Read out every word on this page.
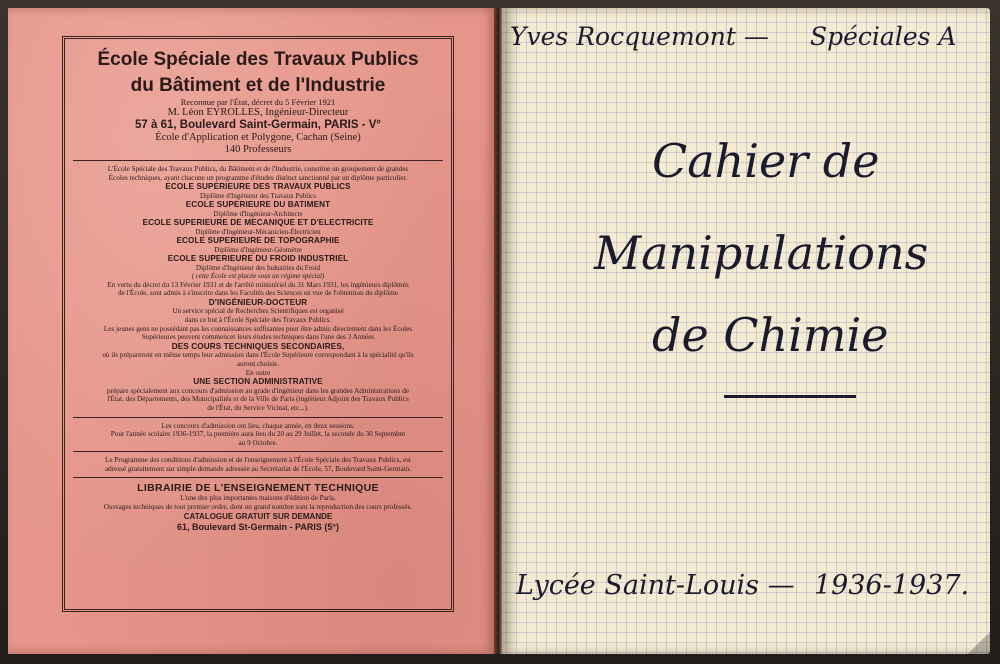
École Spéciale des Travaux Publics
du Bâtiment et de l'Industrie
Reconnue par l'État, décret du 5 Février 1921
M. Léon EYROLLES, Ingénieur-Directeur
57 à 61, Boulevard Saint-Germain, PARIS - V°
École d'Application et Polygone, Cachan (Seine)
140 Professeurs
L'École Spéciale des Travaux Publics, du Bâtiment et de l'Industrie, constitue un groupement de grandes
Écoles techniques, ayant chacune un programme d'études distinct sanctionné par un diplôme particulier.
ECOLE SUPERIEURE DES TRAVAUX PUBLICS
Diplôme d'Ingénieur des Travaux Publics
ECOLE SUPERIEURE DU BATIMENT
Diplôme d'Ingénieur-Architecte
ECOLE SUPERIEURE DE MECANIQUE ET D'ELECTRICITE
Diplôme d'Ingénieur-Mécanicien-Électricien
ECOLE SUPERIEURE DE TOPOGRAPHIE
Diplôme d'Ingénieur-Géomètre
ECOLE SUPERIEURE DU FROID INDUSTRIEL
Diplôme d'Ingénieur des Industries du Froid
( cette École est placée sous un régime spécial)
En vertu du décret du 13 Février 1931 et de l'arrêté ministériel du 31 Mars 1931, les ingénieurs diplômés
de l'École, sont admis à s'inscrire dans les Facultés des Sciences en vue de l'obtention du diplôme
D'INGÉNIEUR-DOCTEUR
Un service spécial de Recherches Scientifiques est organisé
dans ce but à l'École Spéciale des Travaux Publics.
Les jeunes gens ne possédant pas les connaissances suffisantes pour être admis directement dans les Écoles
Supérieures peuvent commencer leurs études techniques dans l'une des 3 Années
DES COURS TECHNIQUES SECONDAIRES,
où ils prépareront en même temps leur admission dans l'École Supérieure correspondant à la spécialité qu'ils
auront choisie.
En outre
UNE SECTION ADMINISTRATIVE
prépare spécialement aux concours d'admission au grade d'ingénieur dans les grandes Administrations de
l'État, des Départements, des Municipalités et de la Ville de Paris (ingénieur Adjoint des Travaux Publics
de l'État, du Service Vicinal, etc...).
Les concours d'admission ont lieu, chaque année, en deux sessions.
Pour l'année scolaire 1936-1937, la première aura lieu du 20 au 29 Juillet, la seconde du 30 Septembre
au 9 Octobre.
Le Programme des conditions d'admission et de l'enseignement à l'École Spéciale des Travaux Publics, est
adressé gratuitement sur simple demande adressée au Secrétariat de l'École, 57, Boulevard Saint-Germain.
LIBRAIRIE DE L'ENSEIGNEMENT TECHNIQUE
L'une des plus importantes maisons d'édition de Paris.
Ouvrages techniques de tout premier ordre, dont un grand nombre sont la reproduction des cours professés.
CATALOGUE GRATUIT SUR DEMANDE
61, Boulevard St-Germain - PARIS (5°)
Yves Rocquemont — Spéciales A
Cahier de
Manipulations
de Chimie
Lycée Saint-Louis — 1936-1937.
